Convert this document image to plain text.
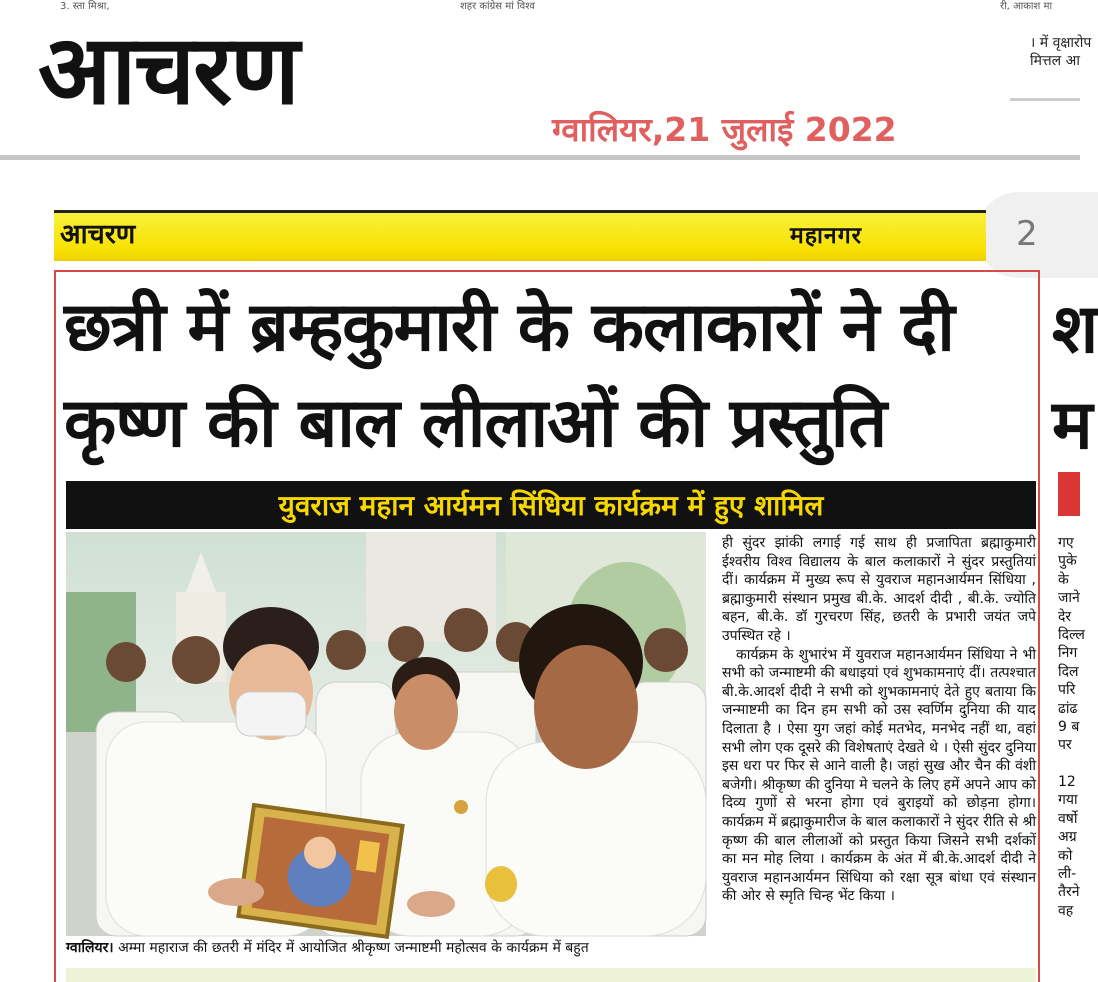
3. स्ता मिश्रा,	शहर कांग्रेस मां विश्व	री, आकाश मा
आचरण
ग्वालियर,21 जुलाई 2022
। में वृक्षारोप
मित्तल आ
2
आचरण	महानगर
छत्री में ब्रम्हकुमारी के कलाकारों ने दी कृष्ण की बाल लीलाओं की प्रस्तुति
श
म
युवराज महान आर्यमन सिंधिया कार्यक्रम में हुए शामिल
ग्वालियर। अम्मा महाराज की छतरी में मंदिर में आयोजित श्रीकृष्ण जन्माष्टमी महोत्सव के कार्यक्रम में बहुत

ही सुंदर झांकी लगाई गई साथ ही प्रजापिता ब्रह्माकुमारी ईश्वरीय विश्व विद्यालय के बाल कलाकारों ने सुंदर प्रस्तुतियां दीं। कार्यक्रम में मुख्य रूप से युवराज महानआर्यमन सिंधिया , ब्रह्माकुमारी संस्थान प्रमुख बी.के. आदर्श दीदी , बी.के. ज्योति बहन, बी.के. डॉ गुरचरण सिंह, छतरी के प्रभारी जयंत जपे उपस्थित रहे ।

कार्यक्रम के शुभारंभ में युवराज महानआर्यमन सिंधिया ने भी सभी को जन्माष्टमी की बधाइयां एवं शुभकामनाएं दीं। तत्पश्चात बी.के.आदर्श दीदी ने सभी को शुभकामनाएं देते हुए बताया कि जन्माष्टमी का दिन हम सभी को उस स्वर्णिम दुनिया की याद दिलाता है । ऐसा युग जहां कोई मतभेद, मनभेद नहीं था, वहां सभी लोग एक दूसरे की विशेषताएं देखते थे । ऐसी सुंदर दुनिया इस धरा पर फिर से आने वाली है। जहां सुख और चैन की वंशी बजेगी। श्रीकृष्ण की दुनिया मे चलने के लिए हमें अपने आप को दिव्य गुणों से भरना होगा एवं बुराइयों को छोड़ना होगा। कार्यक्रम में ब्रह्माकुमारीज के बाल कलाकारों ने सुंदर रीति से श्री कृष्ण की बाल लीलाओं को प्रस्तुत किया जिसने सभी दर्शकों का मन मोह लिया । कार्यक्रम के अंत में बी.के.आदर्श दीदी ने युवराज महानआर्यमन सिंधिया को रक्षा सूत्र बांधा एवं संस्थान की ओर से स्मृति चिन्ह भेंट किया ।

गए
पुके
के
जाने
देर
दिल्ल
निग
दिल
परि
ढांढ
9 ब
पर
12
गया
वर्षो
अग्र
को
ली-
तैरने
वह
